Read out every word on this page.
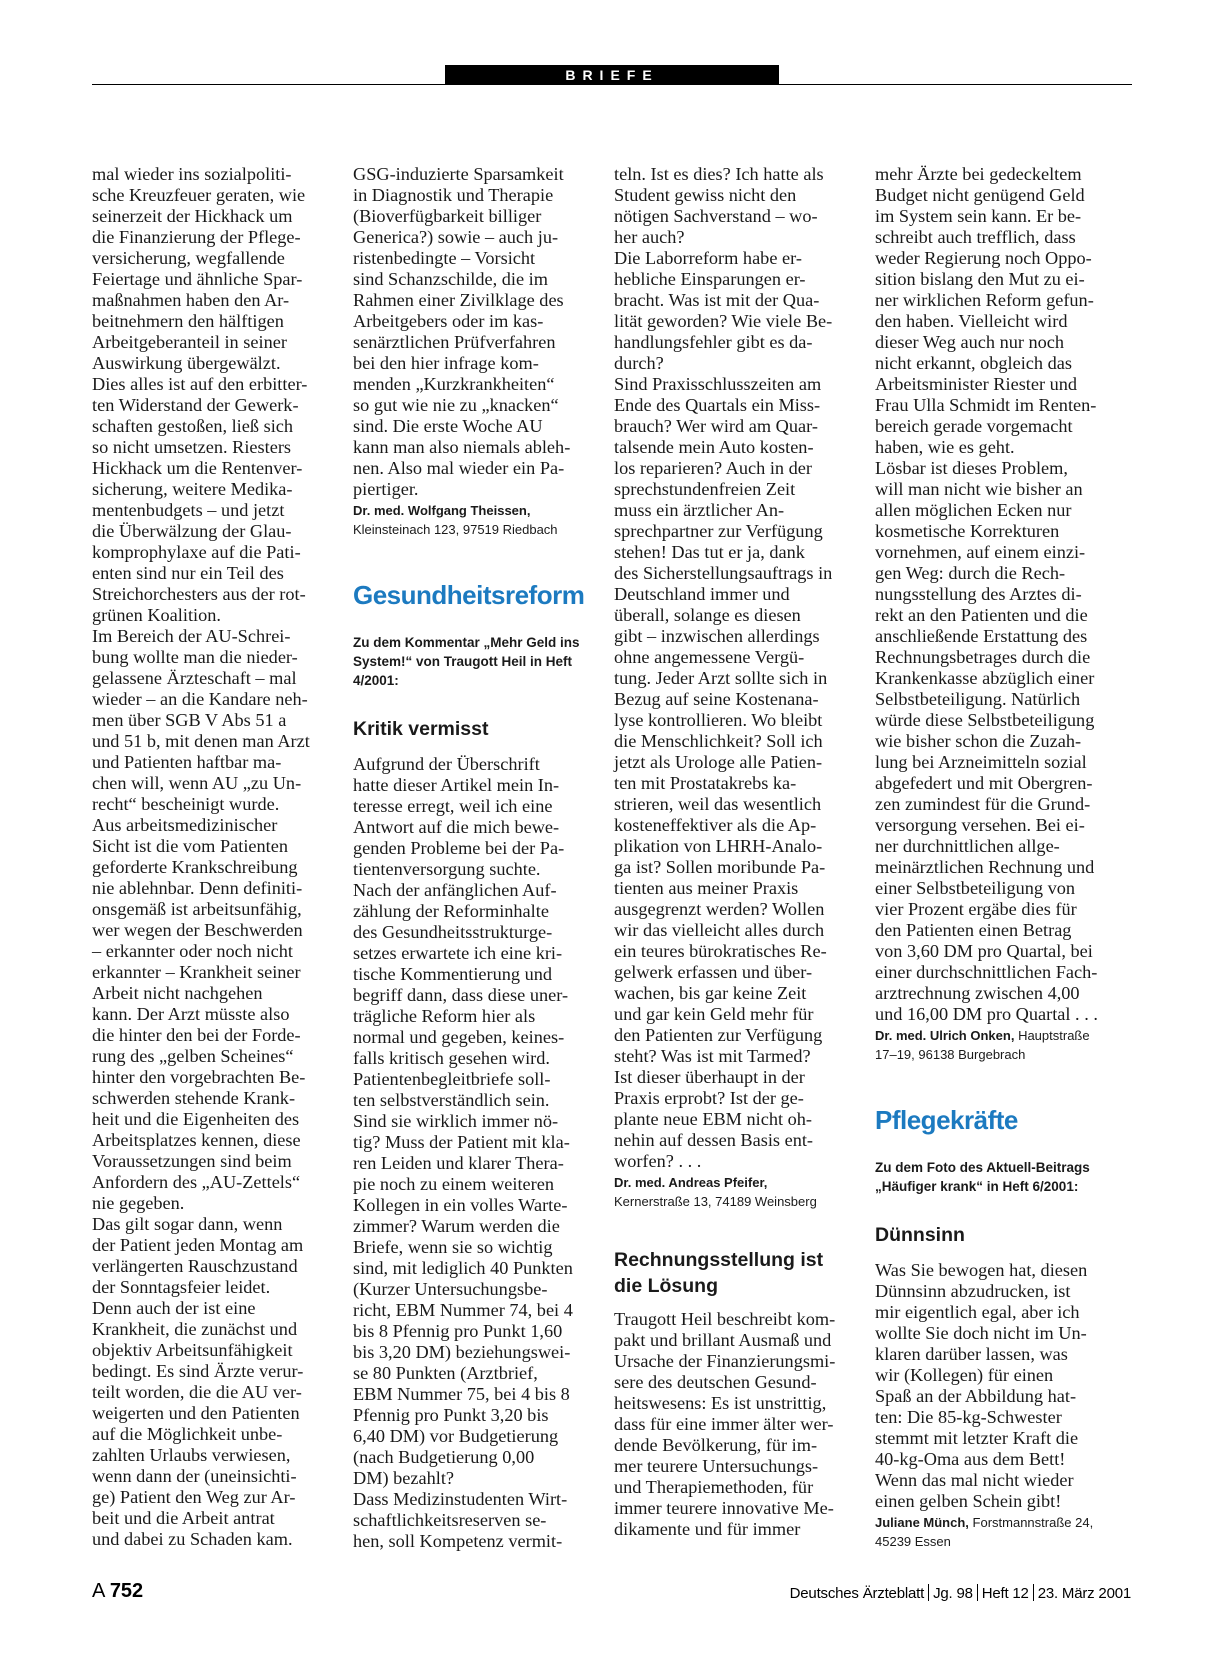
BRIEFE

mal wieder ins sozialpoliti-

sche Kreuzfeuer geraten, wie

seinerzeit der Hickhack um

die Finanzierung der Pflege-

versicherung, wegfallende

Feiertage und ähnliche Spar-

maßnahmen haben den Ar-

beitnehmern den hälftigen

Arbeitgeberanteil in seiner

Auswirkung übergewälzt.

Dies alles ist auf den erbitter-

ten Widerstand der Gewerk-

schaften gestoßen, ließ sich

so nicht umsetzen. Riesters

Hickhack um die Rentenver-

sicherung, weitere Medika-

mentenbudgets – und jetzt

die Überwälzung der Glau-

komprophylaxe auf die Pati-

enten sind nur ein Teil des

Streichorchesters aus der rot-

grünen Koalition.

Im Bereich der AU-Schrei-

bung wollte man die nieder-

gelassene Ärzteschaft – mal

wieder – an die Kandare neh-

men über SGB V Abs 51 a

und 51 b, mit denen man Arzt

und Patienten haftbar ma-

chen will, wenn AU „zu Un-

recht“ bescheinigt wurde.

Aus arbeitsmedizinischer

Sicht ist die vom Patienten

geforderte Krankschreibung

nie ablehnbar. Denn definiti-

onsgemäß ist arbeitsunfähig,

wer wegen der Beschwerden

– erkannter oder noch nicht

erkannter – Krankheit seiner

Arbeit nicht nachgehen

kann. Der Arzt müsste also

die hinter den bei der Forde-

rung des „gelben Scheines“

hinter den vorgebrachten Be-

schwerden stehende Krank-

heit und die Eigenheiten des

Arbeitsplatzes kennen, diese

Voraussetzungen sind beim

Anfordern des „AU-Zettels“

nie gegeben.

Das gilt sogar dann, wenn

der Patient jeden Montag am

verlängerten Rauschzustand

der Sonntagsfeier leidet.

Denn auch der ist eine

Krankheit, die zunächst und

objektiv Arbeitsunfähigkeit

bedingt. Es sind Ärzte verur-

teilt worden, die die AU ver-

weigerten und den Patienten

auf die Möglichkeit unbe-

zahlten Urlaubs verwiesen,

wenn dann der (uneinsichti-

ge) Patient den Weg zur Ar-

beit und die Arbeit antrat

und dabei zu Schaden kam.

GSG-induzierte Sparsamkeit

in Diagnostik und Therapie

(Bioverfügbarkeit billiger

Generica?) sowie – auch ju-

ristenbedingte – Vorsicht

sind Schanzschilde, die im

Rahmen einer Zivilklage des

Arbeitgebers oder im kas-

senärztlichen Prüfverfahren

bei den hier infrage kom-

menden „Kurzkrankheiten“

so gut wie nie zu „knacken“

sind. Die erste Woche AU

kann man also niemals ableh-

nen. Also mal wieder ein Pa-

piertiger.

Dr. med. Wolfgang Theissen,
Kleinsteinach 123, 97519 Riedbach

Gesundheitsreform

Zu dem Kommentar „Mehr Geld ins
System!“ von Traugott Heil in Heft
4/2001:

Kritik vermisst

Aufgrund der Überschrift

hatte dieser Artikel mein In-

teresse erregt, weil ich eine

Antwort auf die mich bewe-

genden Probleme bei der Pa-

tientenversorgung suchte.

Nach der anfänglichen Auf-

zählung der Reforminhalte

des Gesundheitsstrukturge-

setzes erwartete ich eine kri-

tische Kommentierung und

begriff dann, dass diese uner-

trägliche Reform hier als

normal und gegeben, keines-

falls kritisch gesehen wird.

Patientenbegleitbriefe soll-

ten selbstverständlich sein.

Sind sie wirklich immer nö-

tig? Muss der Patient mit kla-

ren Leiden und klarer Thera-

pie noch zu einem weiteren

Kollegen in ein volles Warte-

zimmer? Warum werden die

Briefe, wenn sie so wichtig

sind, mit lediglich 40 Punkten

(Kurzer Untersuchungsbe-

richt, EBM Nummer 74, bei 4

bis 8 Pfennig pro Punkt 1,60

bis 3,20 DM) beziehungswei-

se 80 Punkten (Arztbrief,

EBM Nummer 75, bei 4 bis 8

Pfennig pro Punkt 3,20 bis

6,40 DM) vor Budgetierung

(nach Budgetierung 0,00

DM) bezahlt?

Dass Medizinstudenten Wirt-

schaftlichkeitsreserven se-

hen, soll Kompetenz vermit-

teln. Ist es dies? Ich hatte als

Student gewiss nicht den

nötigen Sachverstand – wo-

her auch?

Die Laborreform habe er-

hebliche Einsparungen er-

bracht. Was ist mit der Qua-

lität geworden? Wie viele Be-

handlungsfehler gibt es da-

durch?

Sind Praxisschlusszeiten am

Ende des Quartals ein Miss-

brauch? Wer wird am Quar-

talsende mein Auto kosten-

los reparieren? Auch in der

sprechstundenfreien Zeit

muss ein ärztlicher An-

sprechpartner zur Verfügung

stehen! Das tut er ja, dank

des Sicherstellungsauftrags in

Deutschland immer und

überall, solange es diesen

gibt – inzwischen allerdings

ohne angemessene Vergü-

tung. Jeder Arzt sollte sich in

Bezug auf seine Kostenana-

lyse kontrollieren. Wo bleibt

die Menschlichkeit? Soll ich

jetzt als Urologe alle Patien-

ten mit Prostatakrebs ka-

strieren, weil das wesentlich

kosteneffektiver als die Ap-

plikation von LHRH-Analo-

ga ist? Sollen moribunde Pa-

tienten aus meiner Praxis

ausgegrenzt werden? Wollen

wir das vielleicht alles durch

ein teures bürokratisches Re-

gelwerk erfassen und über-

wachen, bis gar keine Zeit

und gar kein Geld mehr für

den Patienten zur Verfügung

steht? Was ist mit Tarmed?

Ist dieser überhaupt in der

Praxis erprobt? Ist der ge-

plante neue EBM nicht oh-

nehin auf dessen Basis ent-

worfen? . . .

Dr. med. Andreas Pfeifer,
Kernerstraße 13, 74189 Weinsberg

Rechnungsstellung ist
die Lösung

Traugott Heil beschreibt kom-

pakt und brillant Ausmaß und

Ursache der Finanzierungsmi-

sere des deutschen Gesund-

heitswesens: Es ist unstrittig,

dass für eine immer älter wer-

dende Bevölkerung, für im-

mer teurere Untersuchungs-

und Therapiemethoden, für

immer teurere innovative Me-

dikamente und für immer

mehr Ärzte bei gedeckeltem

Budget nicht genügend Geld

im System sein kann. Er be-

schreibt auch trefflich, dass

weder Regierung noch Oppo-

sition bislang den Mut zu ei-

ner wirklichen Reform gefun-

den haben. Vielleicht wird

dieser Weg auch nur noch

nicht erkannt, obgleich das

Arbeitsminister Riester und

Frau Ulla Schmidt im Renten-

bereich gerade vorgemacht

haben, wie es geht.

Lösbar ist dieses Problem,

will man nicht wie bisher an

allen möglichen Ecken nur

kosmetische Korrekturen

vornehmen, auf einem einzi-

gen Weg: durch die Rech-

nungsstellung des Arztes di-

rekt an den Patienten und die

anschließende Erstattung des

Rechnungsbetrages durch die

Krankenkasse abzüglich einer

Selbstbeteiligung. Natürlich

würde diese Selbstbeteiligung

wie bisher schon die Zuzah-

lung bei Arzneimitteln sozial

abgefedert und mit Obergren-

zen zumindest für die Grund-

versorgung versehen. Bei ei-

ner durchnittlichen allge-

meinärztlichen Rechnung und

einer Selbstbeteiligung von

vier Prozent ergäbe dies für

den Patienten einen Betrag

von 3,60 DM pro Quartal, bei

einer durchschnittlichen Fach-

arztrechnung zwischen 4,00

und 16,00 DM pro Quartal . . .

Dr. med. Ulrich Onken, Hauptstraße
17–19, 96138 Burgebrach

Pflegekräfte

Zu dem Foto des Aktuell-Beitrags
„Häufiger krank“ in Heft 6/2001:

Dünnsinn

Was Sie bewogen hat, diesen

Dünnsinn abzudrucken, ist

mir eigentlich egal, aber ich

wollte Sie doch nicht im Un-

klaren darüber lassen, was

wir (Kollegen) für einen

Spaß an der Abbildung hat-

ten: Die 85-kg-Schwester

stemmt mit letzter Kraft die

40-kg-Oma aus dem Bett!

Wenn das mal nicht wieder

einen gelben Schein gibt!

Juliane Münch, Forstmannstraße 24,
45239 Essen

A 752	Deutsches Ärzteblatt Jg. 98 Heft 12 23. März 2001
